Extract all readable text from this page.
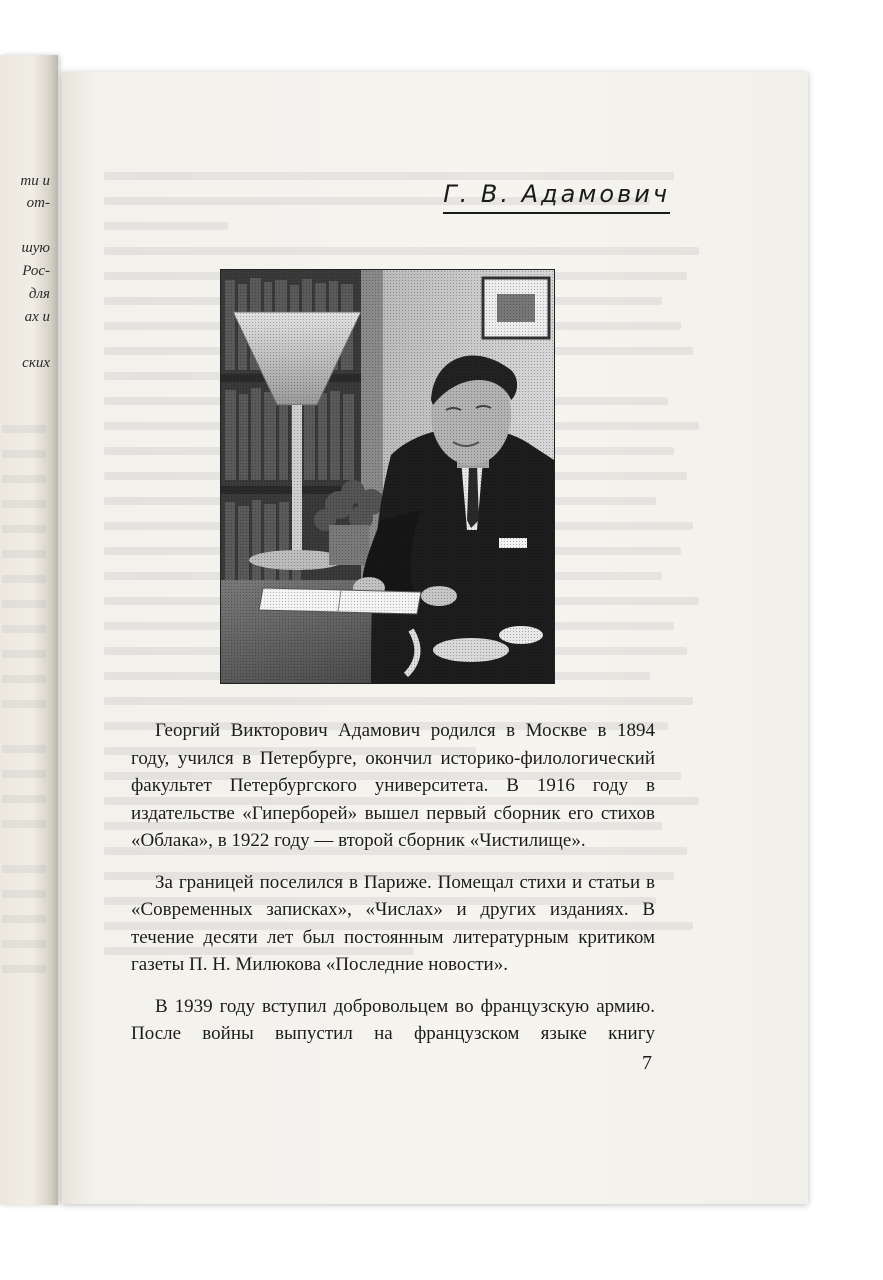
ти и
от-
шую
Рос-
для
ах и
ских
Г. В. Адамович

Георгий Викторович Адамович родился в Москве в 1894 году, учился в Петербурге, окончил историко-филологический факультет Петербургского университета. В 1916 году в издательстве «Гиперборей» вышел первый сборник его стихов «Облака», в 1922 году — второй сборник «Чистилище».

За границей поселился в Париже. Помещал стихи и статьи в «Современных записках», «Числах» и других изданиях. В течение десяти лет был постоянным литературным критиком газеты П. Н. Милюкова «Последние новости».

В 1939 году вступил добровольцем во французскую армию. После войны выпустил на французском языке книгу

7
